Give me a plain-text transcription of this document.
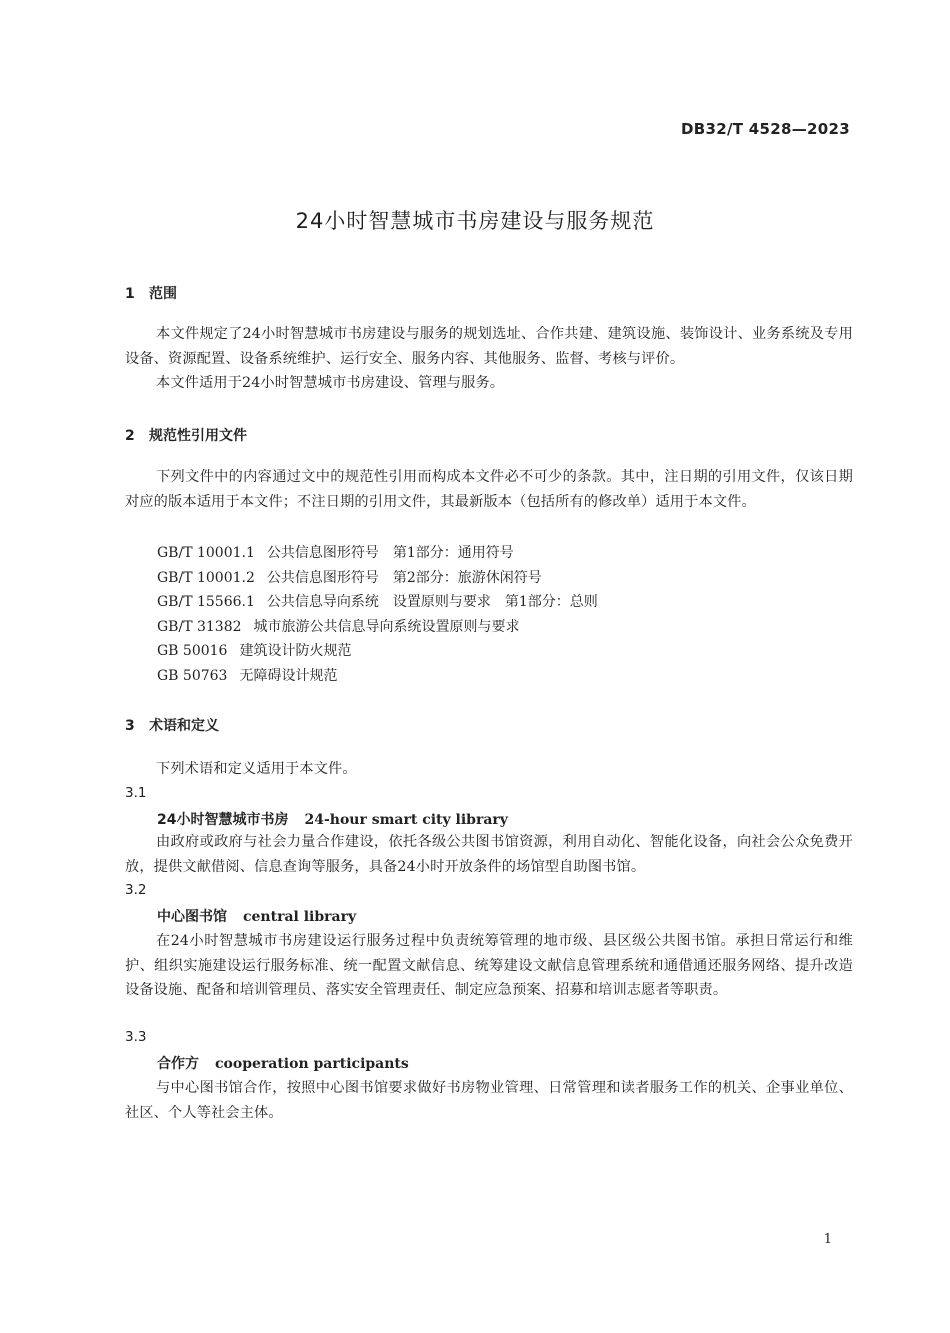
DB32/T 4528—2023
24小时智慧城市书房建设与服务规范
1 范围
本文件规定了24小时智慧城市书房建设与服务的规划选址、合作共建、建筑设施、装饰设计、业务系统及专用设备、资源配置、设备系统维护、运行安全、服务内容、其他服务、监督、考核与评价。
本文件适用于24小时智慧城市书房建设、管理与服务。
2 规范性引用文件
下列文件中的内容通过文中的规范性引用而构成本文件必不可少的条款。其中，注日期的引用文件，仅该日期对应的版本适用于本文件；不注日期的引用文件，其最新版本（包括所有的修改单）适用于本文件。
GB/T 10001.1 公共信息图形符号　第1部分：通用符号
GB/T 10001.2 公共信息图形符号　第2部分：旅游休闲符号
GB/T 15566.1 公共信息导向系统　设置原则与要求　第1部分：总则
GB/T 31382 城市旅游公共信息导向系统设置原则与要求
GB 50016 建筑设计防火规范
GB 50763 无障碍设计规范
3 术语和定义
下列术语和定义适用于本文件。
3.1
24小时智慧城市书房 24-hour smart city library
由政府或政府与社会力量合作建设，依托各级公共图书馆资源，利用自动化、智能化设备，向社会公众免费开放，提供文献借阅、信息查询等服务，具备24小时开放条件的场馆型自助图书馆。
3.2
中心图书馆 central library
在24小时智慧城市书房建设运行服务过程中负责统筹管理的地市级、县区级公共图书馆。承担日常运行和维护、组织实施建设运行服务标准、统一配置文献信息、统筹建设文献信息管理系统和通借通还服务网络、提升改造设备设施、配备和培训管理员、落实安全管理责任、制定应急预案、招募和培训志愿者等职责。
3.3
合作方 cooperation participants
与中心图书馆合作，按照中心图书馆要求做好书房物业管理、日常管理和读者服务工作的机关、企事业单位、社区、个人等社会主体。
1
